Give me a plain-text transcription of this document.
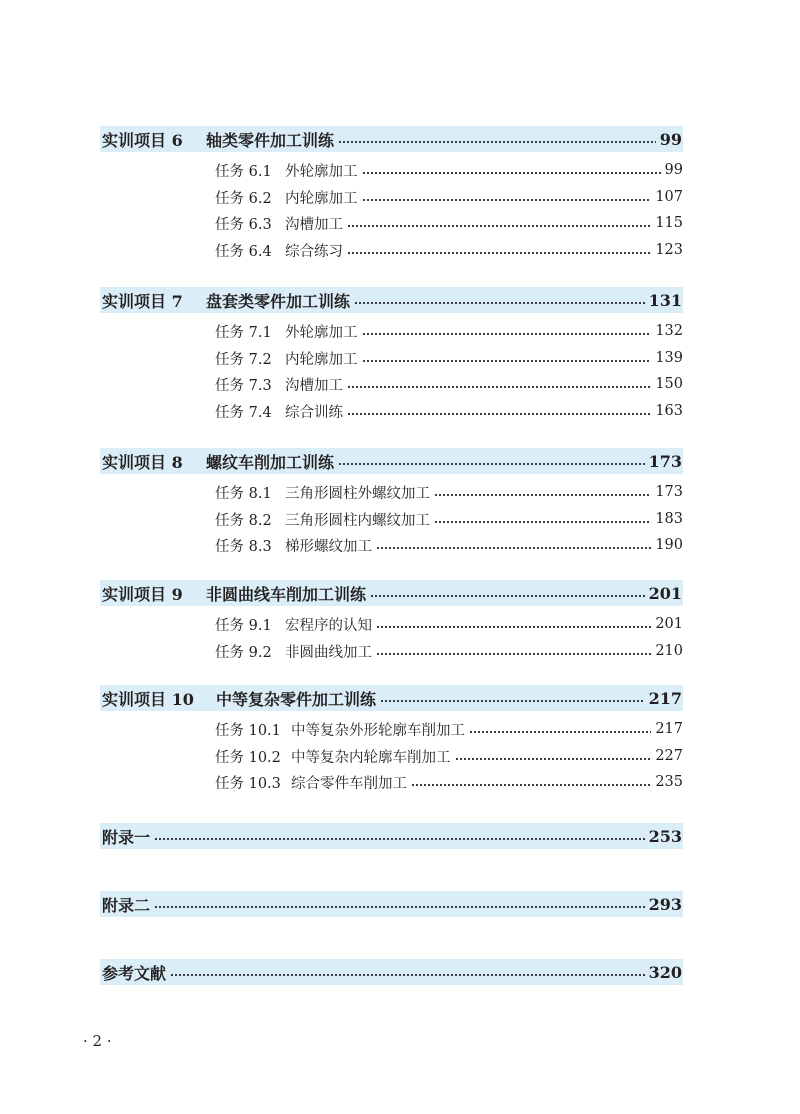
实训项目 6	轴类零件加工训练	99
任务 6.1 外轮廓加工	99
任务 6.2 内轮廓加工	107
任务 6.3 沟槽加工	115
任务 6.4 综合练习	123
实训项目 7	盘套类零件加工训练	131
任务 7.1 外轮廓加工	132
任务 7.2 内轮廓加工	139
任务 7.3 沟槽加工	150
任务 7.4 综合训练	163
实训项目 8	螺纹车削加工训练	173
任务 8.1 三角形圆柱外螺纹加工	173
任务 8.2 三角形圆柱内螺纹加工	183
任务 8.3 梯形螺纹加工	190
实训项目 9	非圆曲线车削加工训练	201
任务 9.1 宏程序的认知	201
任务 9.2 非圆曲线加工	210
实训项目 10	中等复杂零件加工训练	217
任务 10.1 中等复杂外形轮廓车削加工	217
任务 10.2 中等复杂内轮廓车削加工	227
任务 10.3 综合零件车削加工	235
附录一	253
附录二	293
参考文献	320
· 2 ·
